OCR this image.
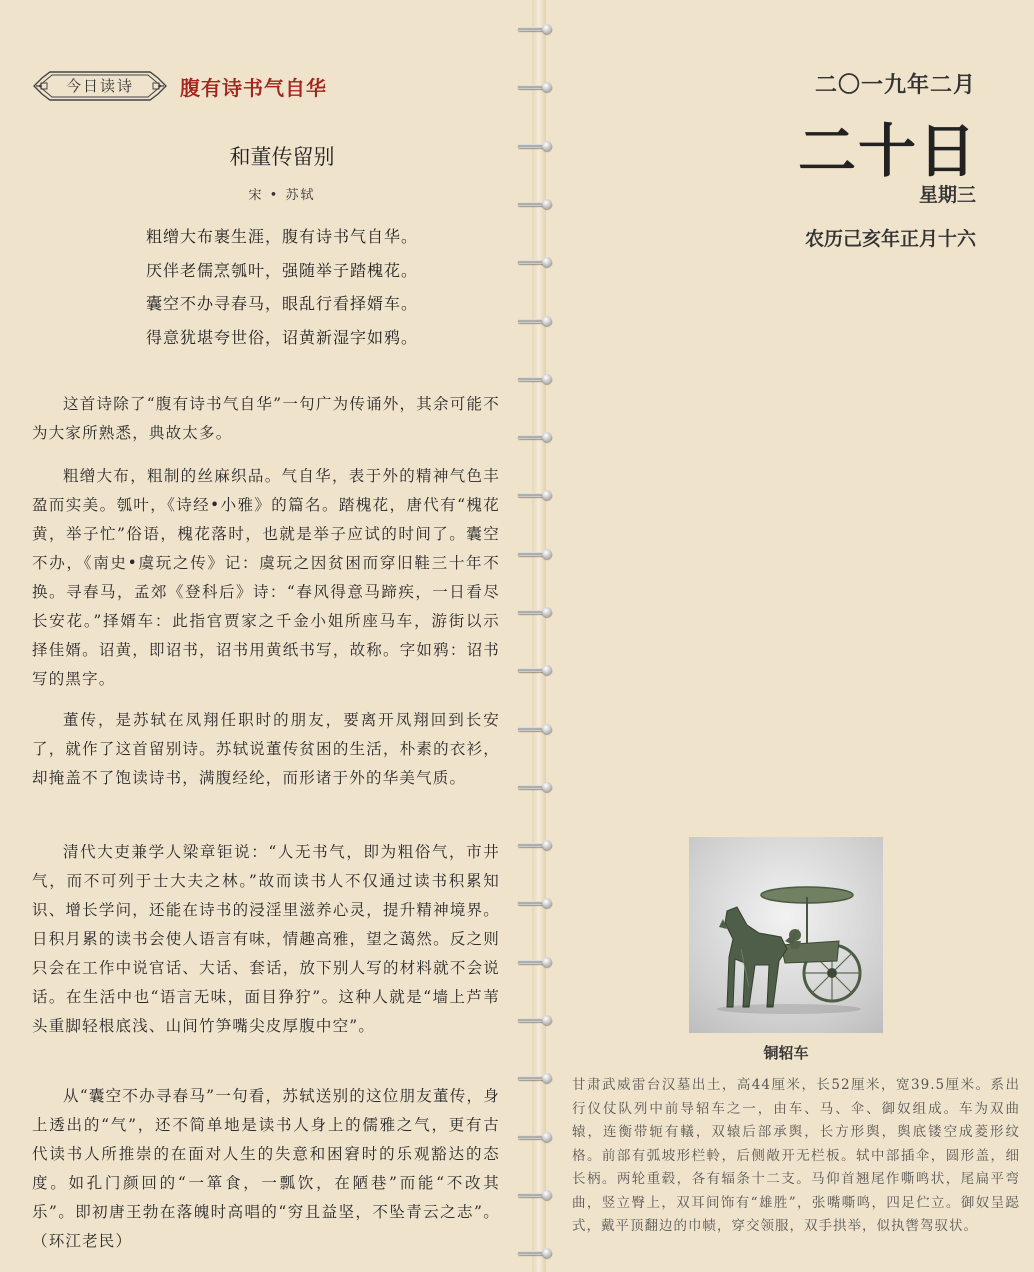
今日读诗	腹有诗书气自华
和董传留别
宋 • 苏轼
粗缯大布裹生涯，腹有诗书气自华。
厌伴老儒烹瓠叶，强随举子踏槐花。
囊空不办寻春马，眼乱行看择婿车。
得意犹堪夸世俗，诏黄新湿字如鸦。

这首诗除了“腹有诗书气自华”一句广为传诵外，其余可能不为大家所熟悉，典故太多。

粗缯大布，粗制的丝麻织品。气自华，表于外的精神气色丰盈而实美。瓠叶，《诗经•小雅》的篇名。踏槐花，唐代有“槐花黄，举子忙”俗语，槐花落时，也就是举子应试的时间了。囊空不办，《南史•虞玩之传》记：虞玩之因贫困而穿旧鞋三十年不换。寻春马，孟郊《登科后》诗：“春风得意马蹄疾，一日看尽长安花。”择婿车：此指官贾家之千金小姐所座马车，游街以示择佳婿。诏黄，即诏书，诏书用黄纸书写，故称。字如鸦：诏书写的黑字。

董传，是苏轼在凤翔任职时的朋友，要离开凤翔回到长安了，就作了这首留别诗。苏轼说董传贫困的生活，朴素的衣衫，却掩盖不了饱读诗书，满腹经纶，而形诸于外的华美气质。

清代大吏兼学人梁章钜说：“人无书气，即为粗俗气，市井气，而不可列于士大夫之林。”故而读书人不仅通过读书积累知识、增长学问，还能在诗书的浸淫里滋养心灵，提升精神境界。日积月累的读书会使人语言有味，情趣高雅，望之蔼然。反之则只会在工作中说官话、大话、套话，放下别人写的材料就不会说话。在生活中也“语言无味，面目狰狞”。这种人就是“墙上芦苇头重脚轻根底浅、山间竹笋嘴尖皮厚腹中空”。

从“囊空不办寻春马”一句看，苏轼送别的这位朋友董传，身上透出的“气”，还不简单地是读书人身上的儒雅之气，更有古代读书人所推崇的在面对人生的失意和困窘时的乐观豁达的态度。如孔门颜回的“一箪食，一瓢饮，在陋巷”而能“不改其乐”。即初唐王勃在落魄时高唱的“穷且益坚，不坠青云之志”。（环江老民）

二〇一九年二月
二十日
星期三
农历己亥年正月十六
铜轺车

甘肃武威雷台汉墓出土，高44厘米，长52厘米，宽39.5厘米。系出行仪仗队列中前导轺车之一，由车、马、伞、御奴组成。车为双曲辕，连衡带轭有轙，双辕后部承舆，长方形舆，舆底镂空成菱形纹格。前部有弧坡形栏軨，后侧敞开无栏板。轼中部插伞，圆形盖，细长柄。两轮重毂，各有辐条十二支。马仰首翘尾作嘶鸣状，尾扁平弯曲，竖立臀上，双耳间饰有“雄胜”，张嘴嘶鸣，四足伫立。御奴呈跽式，戴平顶翻边的巾帻，穿交领服，双手拱举，似执辔驾驭状。
